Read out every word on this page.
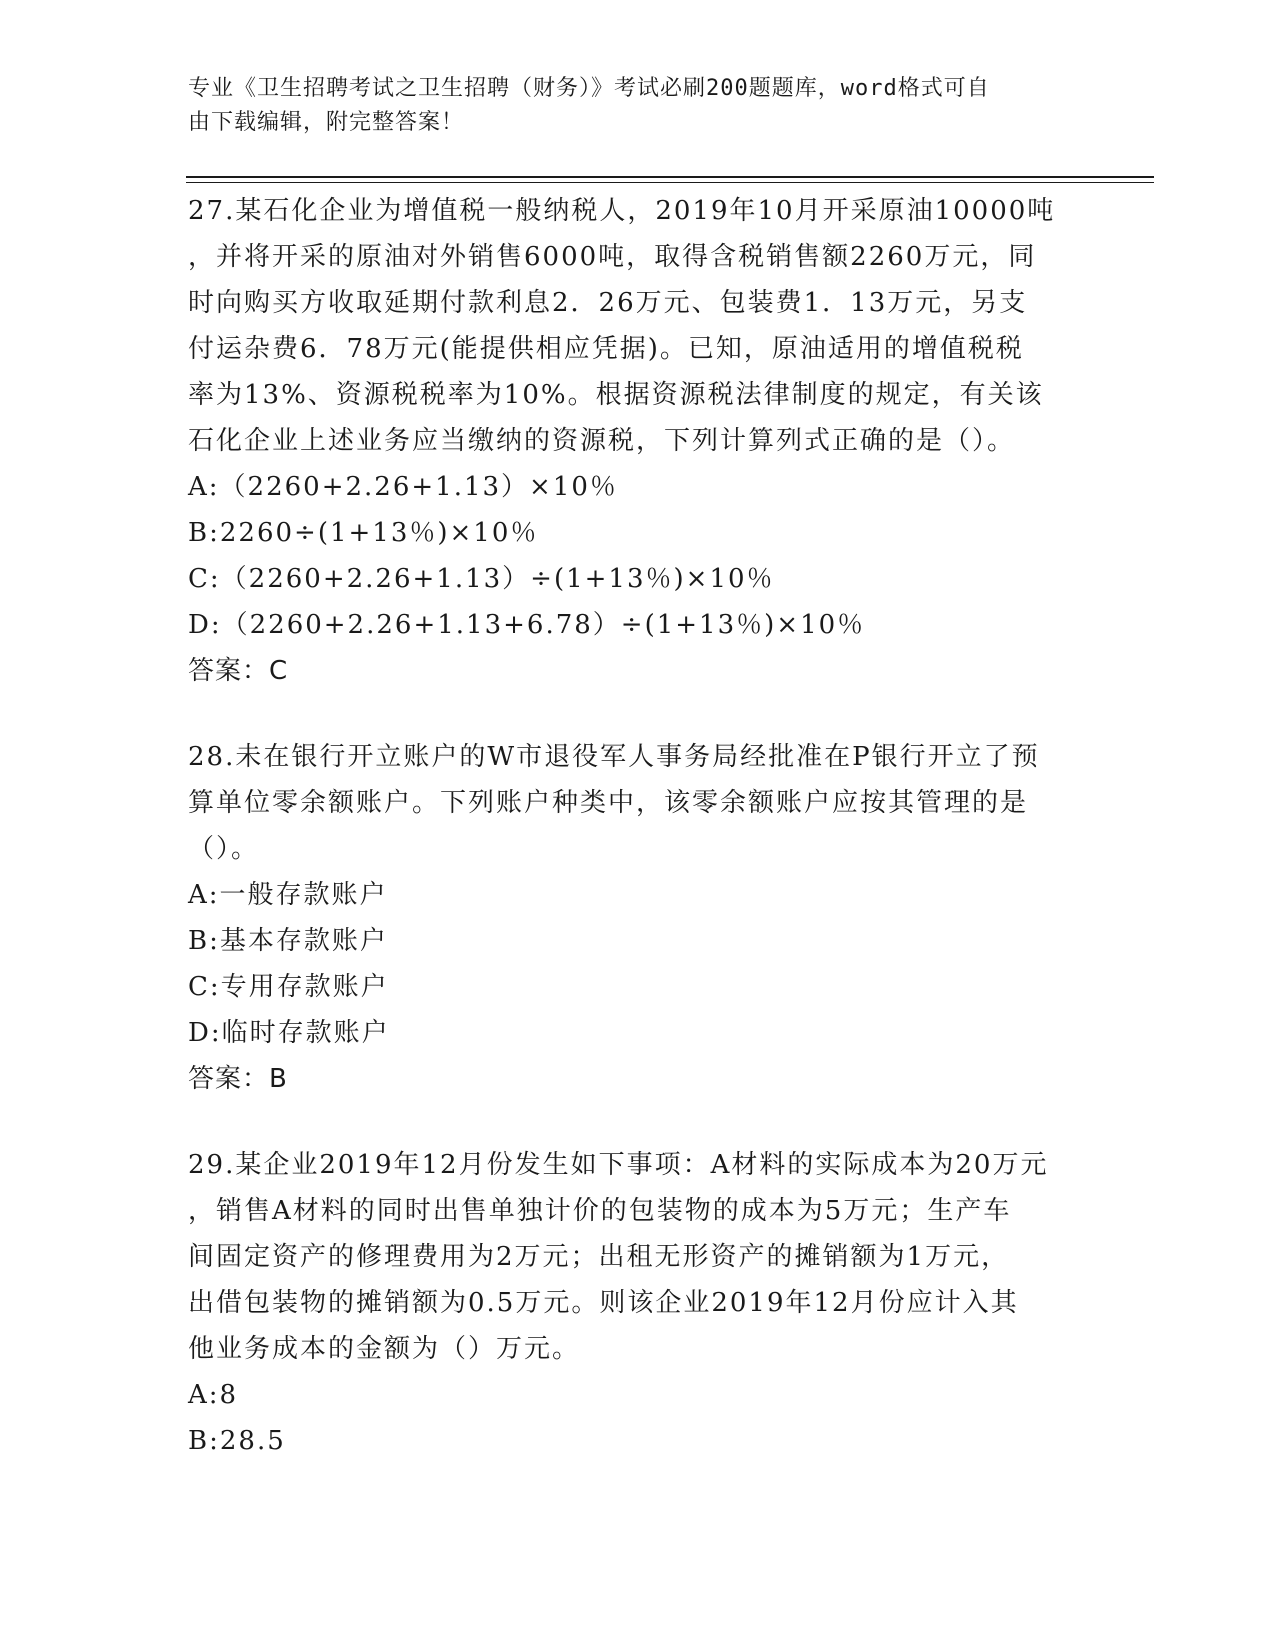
专业《卫生招聘考试之卫生招聘（财务）》考试必刷200题题库，word格式可自

由下载编辑，附完整答案！

27.某石化企业为增值税一般纳税人，2019年10月开采原油10000吨

，并将开采的原油对外销售6000吨，取得含税销售额2260万元，同

时向购买方收取延期付款利息2．26万元、包装费1．13万元，另支

付运杂费6．78万元(能提供相应凭据)。已知，原油适用的增值税税

率为13%、资源税税率为10%。根据资源税法律制度的规定，有关该

石化企业上述业务应当缴纳的资源税，下列计算列式正确的是（）。

A:（2260+2.26+1.13）×10％

B:2260÷(1+13％)×10％

C:（2260+2.26+1.13）÷(1+13％)×10％

D:（2260+2.26+1.13+6.78）÷(1+13％)×10％

答案：C

28.未在银行开立账户的W市退役军人事务局经批准在P银行开立了预

算单位零余额账户。下列账户种类中，该零余额账户应按其管理的是

（）。

A:一般存款账户

B:基本存款账户

C:专用存款账户

D:临时存款账户

答案：B

29.某企业2019年12月份发生如下事项：A材料的实际成本为20万元

，销售A材料的同时出售单独计价的包装物的成本为5万元；生产车

间固定资产的修理费用为2万元；出租无形资产的摊销额为1万元，

出借包装物的摊销额为0.5万元。则该企业2019年12月份应计入其

他业务成本的金额为（）万元。

A:8

B:28.5
